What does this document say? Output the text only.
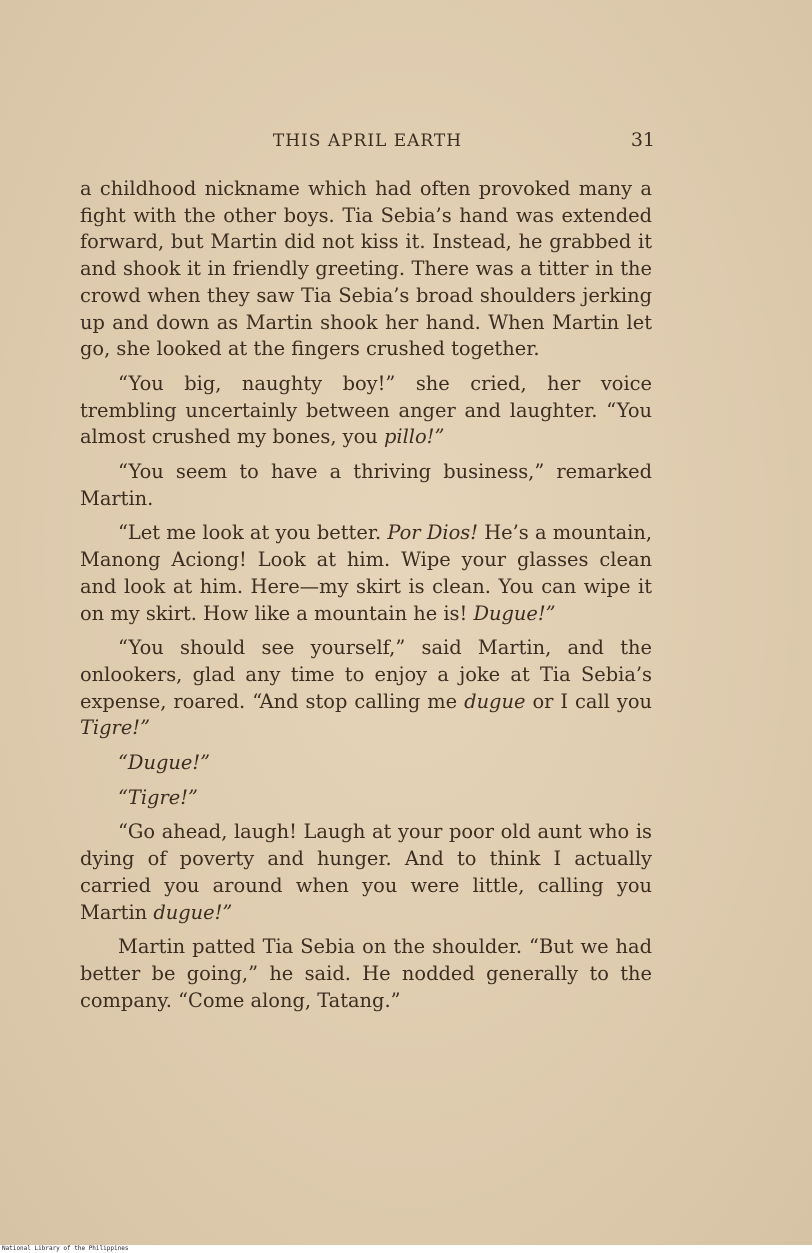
THIS APRIL EARTH	31

a childhood nickname which had often provoked many a fight with the other boys. Tia Sebia’s hand was extended forward, but Martin did not kiss it. Instead, he grabbed it and shook it in friendly greeting. There was a titter in the crowd when they saw Tia Sebia’s broad shoulders jerking up and down as Martin shook her hand. When Martin let go, she looked at the fingers crushed together.

“You big, naughty boy!” she cried, her voice trembling uncertainly between anger and laughter. “You almost crushed my bones, you pillo!”

“You seem to have a thriving business,” remarked Martin.

“Let me look at you better. Por Dios! He’s a mountain, Manong Aciong! Look at him. Wipe your glasses clean and look at him. Here—my skirt is clean. You can wipe it on my skirt. How like a mountain he is! Dugue!”

“You should see yourself,” said Martin, and the onlookers, glad any time to enjoy a joke at Tia Sebia’s expense, roared. “And stop calling me dugue or I call you Tigre!”

“Dugue!”

“Tigre!”

“Go ahead, laugh! Laugh at your poor old aunt who is dying of poverty and hunger. And to think I actually carried you around when you were little, calling you Martin dugue!”

Martin patted Tia Sebia on the shoulder. “But we had better be going,” he said. He nodded generally to the company. “Come along, Tatang.”

National Library of the Philippines
